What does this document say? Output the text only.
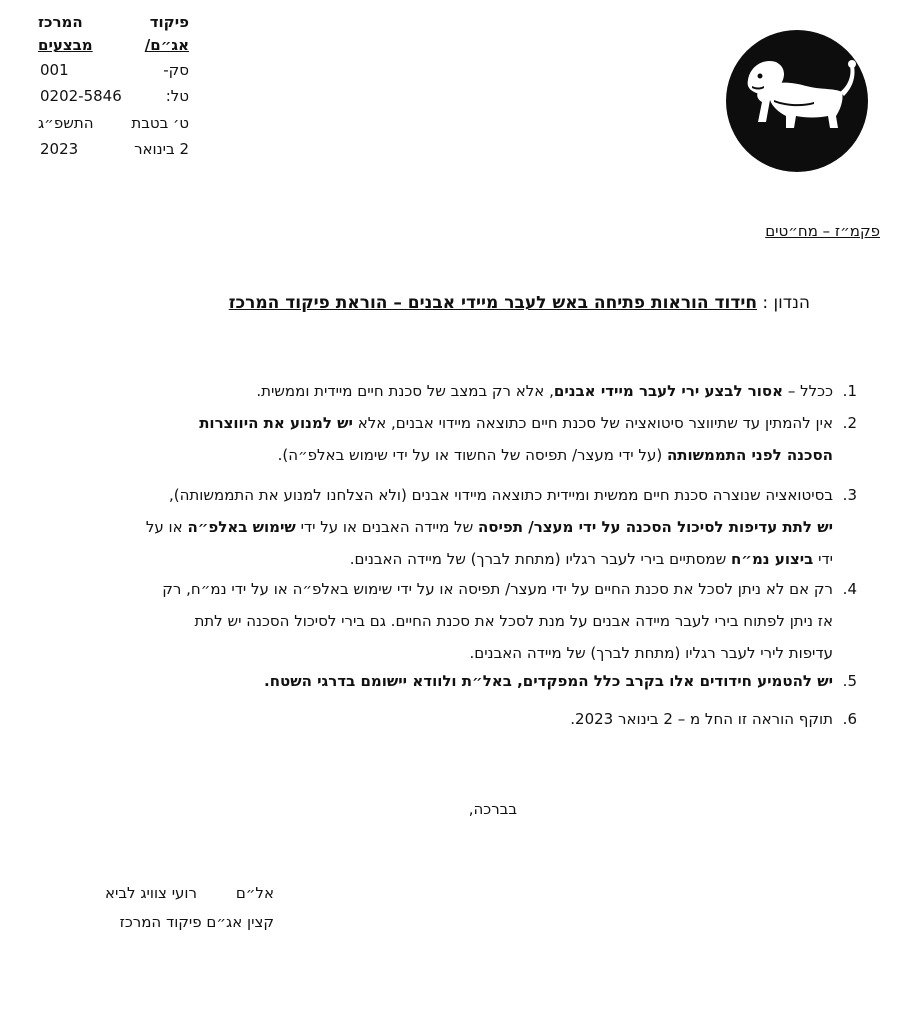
פיקוד
המרכז
אג״ם/
מבצעים
סק-
001
טל:
0202-5846
ט׳ בטבת
התשפ״ג
2 בינואר
2023
פקמ״ז – מח״טים
הנדון : חידוד הוראות פתיחה באש לעבר מיידי אבנים – הוראת פיקוד המרכז
1.
ככלל – אסור לבצע ירי לעבר מיידי אבנים, אלא רק במצב של סכנת חיים מיידית וממשית.
2.
אין להמתין עד שתיווצר סיטואציה של סכנת חיים כתוצאה מיידוי אבנים, אלא יש למנוע את היווצרות
הסכנה לפני התממשותה (על ידי מעצר/ תפיסה של החשוד או על ידי שימוש באלפ״ה).
3.
בסיטואציה שנוצרה סכנת חיים ממשית ומיידית כתוצאה מיידוי אבנים (ולא הצלחנו למנוע את התממשותה),
יש לתת עדיפות לסיכול הסכנה על ידי מעצר/ תפיסה של מיידה האבנים או על ידי שימוש באלפ״ה או על
ידי ביצוע נמ״ח שמסתיים בירי לעבר רגליו (מתחת לברך) של מיידה האבנים.
4.
רק אם לא ניתן לסכל את סכנת החיים על ידי מעצר/ תפיסה או על ידי שימוש באלפ״ה או על ידי נמ״ח, רק
אז ניתן לפתוח בירי לעבר מיידה אבנים על מנת לסכל את סכנת החיים. גם בירי לסיכול הסכנה יש לתת
עדיפות לירי לעבר רגליו (מתחת לברך) של מיידה האבנים.
5.
יש להטמיע חידודים אלו בקרב כלל המפקדים, באל״ת ולוודא יישומם בדרגי השטח.
6.
תוקף הוראה זו החל מ – 2 בינואר 2023.
בברכה,
אל״ם
רועי צוויג לביא
קצין אג״ם פיקוד המרכז
